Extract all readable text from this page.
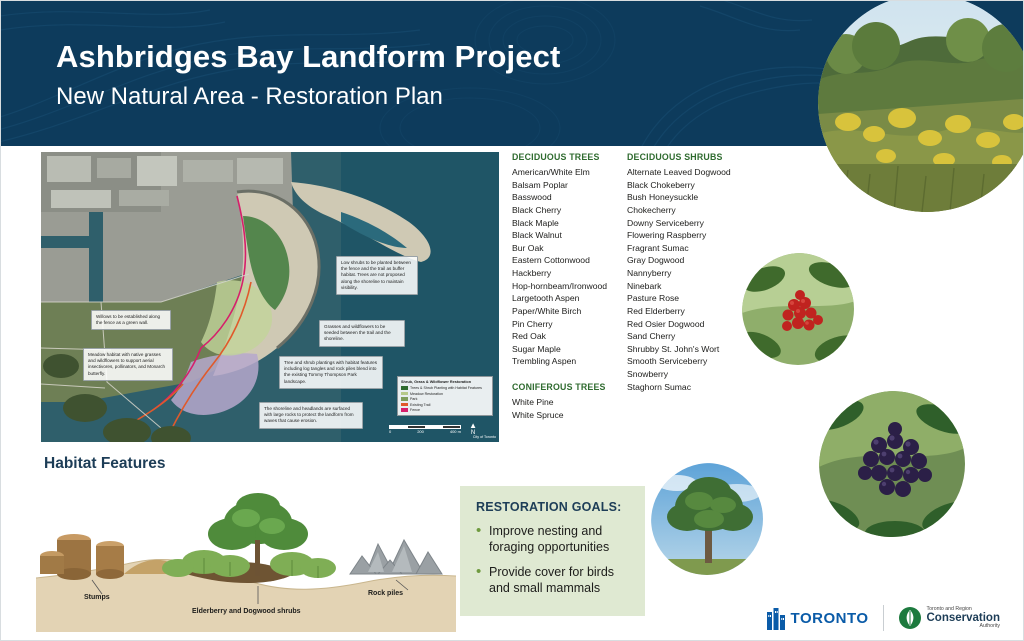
Ashbridges Bay Landform Project
New Natural Area - Restoration Plan
Low shrubs to be planted between the fence and the trail as buffer habitat. Trees are not proposed along the shoreline to maintain visibility.
Willows to be established along the fence as a green wall.
Meadow habitat with native grasses and wildflowers to support aerial insectivores, pollinators, and Monarch butterfly.
Grasses and wildflowers to be seeded between the trail and the shoreline.
Tree and shrub plantings with habitat features including log tangles and rock piles blend into the existing Tommy Thompson Park landscape.
The shoreline and headlands are surfaced with large rocks to protect the landform from waves that cause erosion.
Shrub, Grass & Wildflower Restoration
Trees & Shrub Planting with Habitat Features
Meadow Restoration
Park
Existing Trail
Fence
0	200	400 m
▲
N
City of Toronto
DECIDUOUS TREES
American/White Elm
Balsam Poplar
Basswood
Black Cherry
Black Maple
Black Walnut
Bur Oak
Eastern Cottonwood
Hackberry
Hop-hornbeam/Ironwood
Largetooth Aspen
Paper/White Birch
Pin Cherry
Red Oak
Sugar Maple
Trembling Aspen
CONIFEROUS TREES
White Pine
White Spruce
DECIDUOUS SHRUBS
Alternate Leaved Dogwood
Black Chokeberry
Bush Honeysuckle
Chokecherry
Downy Serviceberry
Flowering Raspberry
Fragrant Sumac
Gray Dogwood
Nannyberry
Ninebark
Pasture Rose
Red Elderberry
Red Osier Dogwood
Sand Cherry
Shrubby St. John's Wort
Smooth Serviceberry
Snowberry
Staghorn Sumac
Habitat Features
Stumps
Rock piles
Elderberry and Dogwood shrubs
RESTORATION GOALS:
• Improve nesting and foraging opportunities
• Provide cover for birds and small mammals
TORONTO
Toronto and Region
Conservation
Authority
